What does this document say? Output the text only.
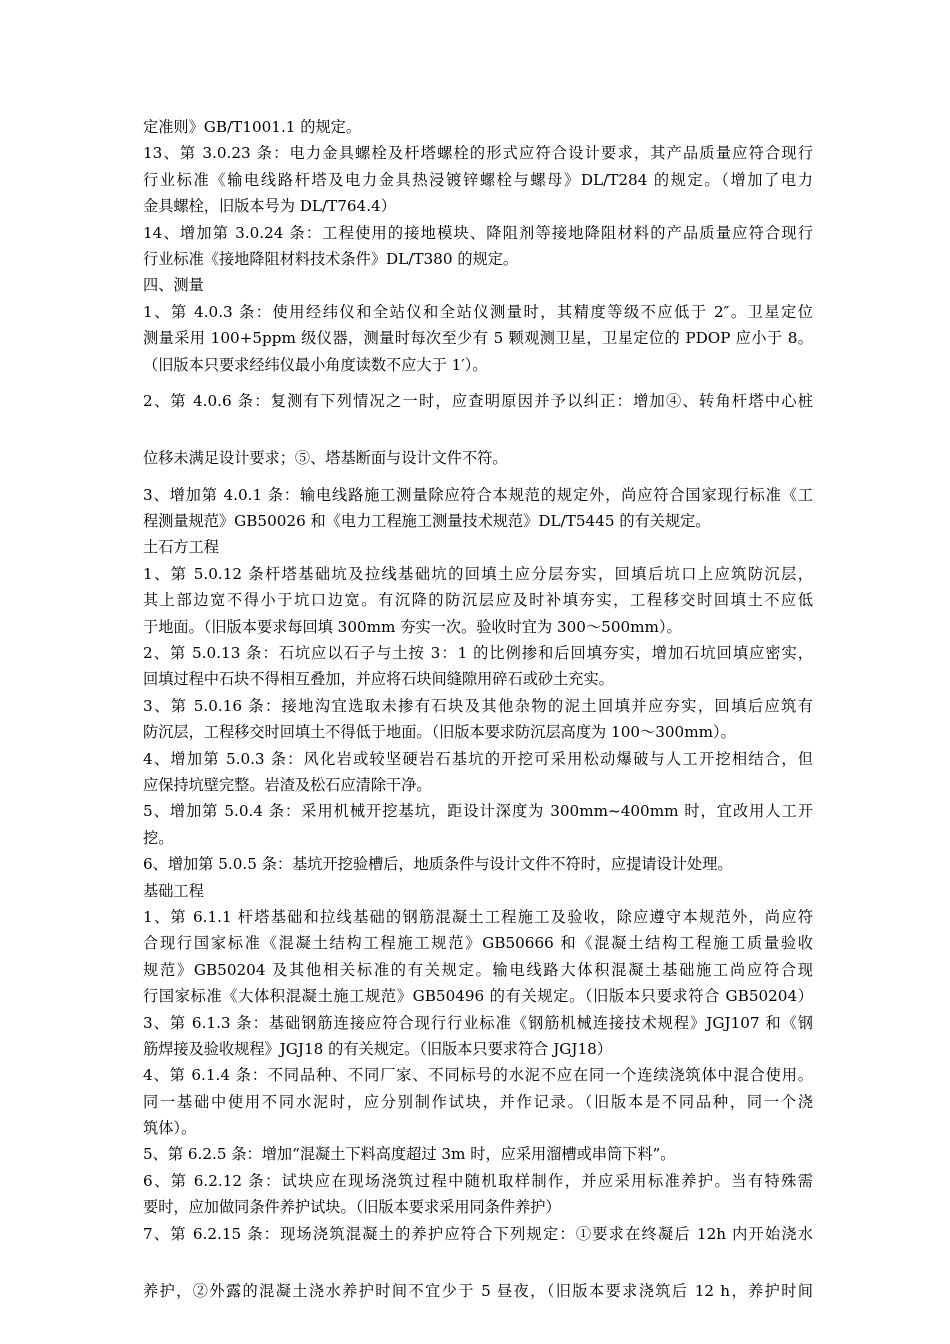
定准则》GB/T1001.1 的规定。

13、第 3.0.23 条：电力金具螺栓及杆塔螺栓的形式应符合设计要求，其产品质量应符合现行

行业标准《输电线路杆塔及电力金具热浸镀锌螺栓与螺母》DL/T284 的规定。（增加了电力

金具螺栓，旧版本号为 DL/T764.4）

14、增加第 3.0.24 条：工程使用的接地模块、降阻剂等接地降阻材料的产品质量应符合现行

行业标准《接地降阻材料技术条件》DL/T380 的规定。

四、测量

1、第 4.0.3 条：使用经纬仪和全站仪和全站仪测量时，其精度等级不应低于 2″。卫星定位

测量采用 100+5ppm 级仪器，测量时每次至少有 5 颗观测卫星，卫星定位的 PDOP 应小于 8。

（旧版本只要求经纬仪最小角度读数不应大于 1′）。

2、第 4.0.6 条：复测有下列情况之一时，应查明原因并予以纠正：增加④、转角杆塔中心桩

位移未满足设计要求；⑤、塔基断面与设计文件不符。

3、增加第 4.0.1 条：输电线路施工测量除应符合本规范的规定外，尚应符合国家现行标准《工

程测量规范》GB50026 和《电力工程施工测量技术规范》DL/T5445 的有关规定。

土石方工程

1、第 5.0.12 条杆塔基础坑及拉线基础坑的回填土应分层夯实，回填后坑口上应筑防沉层，

其上部边宽不得小于坑口边宽。有沉降的防沉层应及时补填夯实，工程移交时回填土不应低

于地面。（旧版本要求每回填 300mm 夯实一次。验收时宜为 300～500mm）。

2、第 5.0.13 条：石坑应以石子与土按 3：1 的比例掺和后回填夯实，增加石坑回填应密实，

回填过程中石块不得相互叠加，并应将石块间缝隙用碎石或砂土充实。

3、第 5.0.16 条：接地沟宜选取未掺有石块及其他杂物的泥土回填并应夯实，回填后应筑有

防沉层，工程移交时回填土不得低于地面。（旧版本要求防沉层高度为 100～300mm）。

4、增加第 5.0.3 条：风化岩或较坚硬岩石基坑的开挖可采用松动爆破与人工开挖相结合，但

应保持坑壁完整。岩渣及松石应清除干净。

5、增加第 5.0.4 条：采用机械开挖基坑，距设计深度为 300mm~400mm 时，宜改用人工开

挖。

6、增加第 5.0.5 条：基坑开挖验槽后，地质条件与设计文件不符时，应提请设计处理。

基础工程

1、第 6.1.1 杆塔基础和拉线基础的钢筋混凝土工程施工及验收，除应遵守本规范外，尚应符

合现行国家标准《混凝土结构工程施工规范》GB50666 和《混凝土结构工程施工质量验收

规范》GB50204 及其他相关标准的有关规定。输电线路大体积混凝土基础施工尚应符合现

行国家标准《大体积混凝土施工规范》GB50496 的有关规定。（旧版本只要求符合 GB50204）

3、第 6.1.3 条：基础钢筋连接应符合现行行业标准《钢筋机械连接技术规程》JGJ107 和《钢

筋焊接及验收规程》JGJ18 的有关规定。（旧版本只要求符合 JGJ18）

4、第 6.1.4 条：不同品种、不同厂家、不同标号的水泥不应在同一个连续浇筑体中混合使用。

同一基础中使用不同水泥时，应分别制作试块，并作记录。（旧版本是不同品种，同一个浇

筑体）。

5、第 6.2.5 条：增加“混凝土下料高度超过 3m 时，应采用溜槽或串筒下料”。

6、第 6.2.12 条：试块应在现场浇筑过程中随机取样制作，并应采用标准养护。当有特殊需

要时，应加做同条件养护试块。（旧版本要求采用同条件养护）

7、第 6.2.15 条：现场浇筑混凝土的养护应符合下列规定：①要求在终凝后 12h 内开始浇水

养护，②外露的混凝土浇水养护时间不宜少于 5 昼夜，（旧版本要求浇筑后 12 h，养护时间
